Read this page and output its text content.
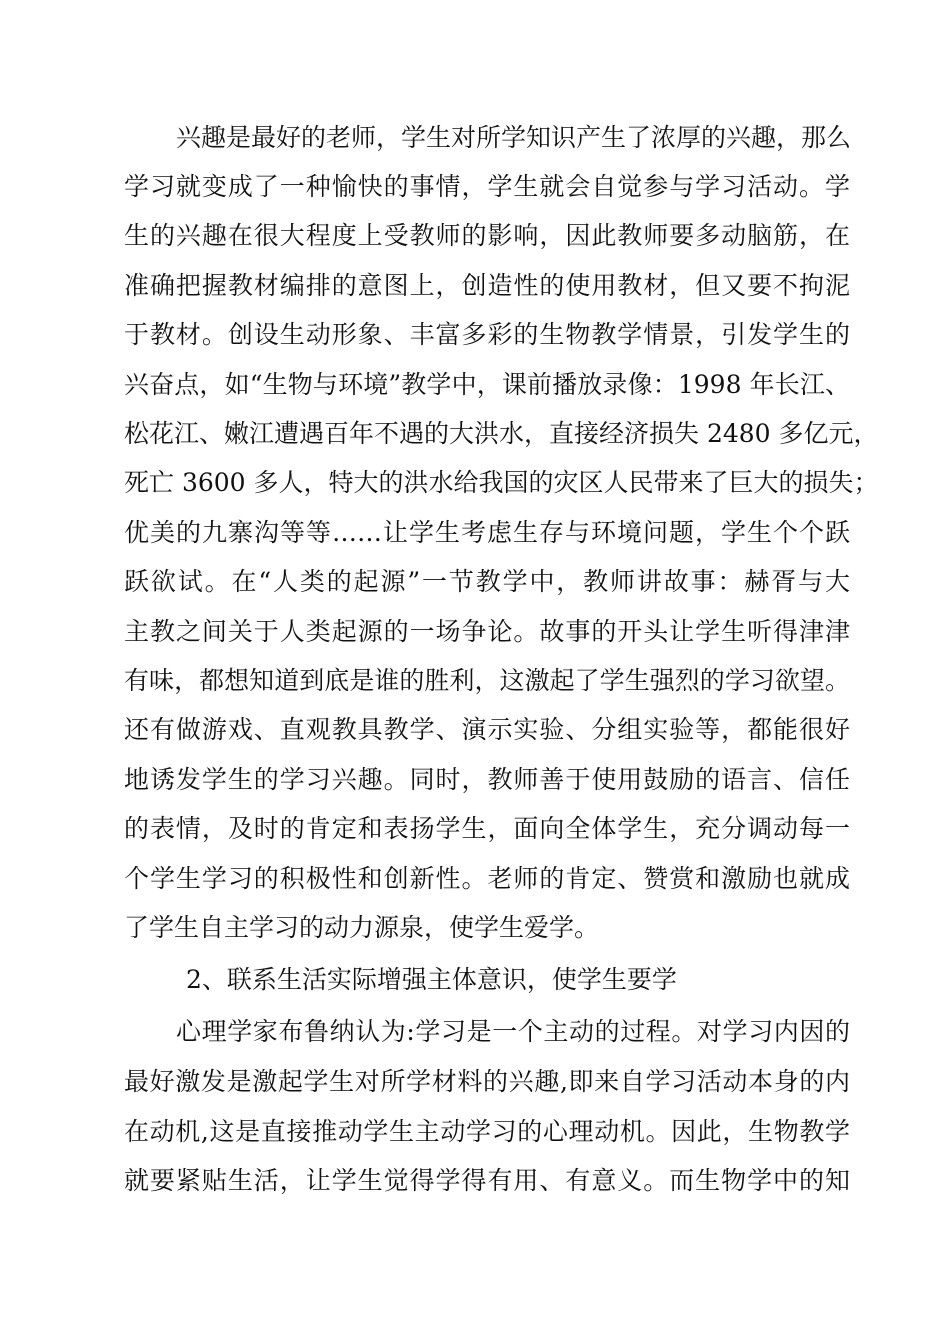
兴趣是最好的老师，学生对所学知识产生了浓厚的兴趣，那么
学习就变成了一种愉快的事情，学生就会自觉参与学习活动。学
生的兴趣在很大程度上受教师的影响，因此教师要多动脑筋，在
准确把握教材编排的意图上，创造性的使用教材，但又要不拘泥
于教材。创设生动形象、丰富多彩的生物教学情景，引发学生的
兴奋点，如“生物与环境”教学中，课前播放录像：1998 年长江、
松花江、嫩江遭遇百年不遇的大洪水，直接经济损失 2480 多亿元，
死亡 3600 多人，特大的洪水给我国的灾区人民带来了巨大的损失；
优美的九寨沟等等……让学生考虑生存与环境问题，学生个个跃
跃欲试。在“人类的起源”一节教学中，教师讲故事：赫胥与大
主教之间关于人类起源的一场争论。故事的开头让学生听得津津
有味，都想知道到底是谁的胜利，这激起了学生强烈的学习欲望。
还有做游戏、直观教具教学、演示实验、分组实验等，都能很好
地诱发学生的学习兴趣。同时，教师善于使用鼓励的语言、信任
的表情，及时的肯定和表扬学生，面向全体学生，充分调动每一
个学生学习的积极性和创新性。老师的肯定、赞赏和激励也就成
了学生自主学习的动力源泉，使学生爱学。
2、联系生活实际增强主体意识，使学生要学
心理学家布鲁纳认为:学习是一个主动的过程。对学习内因的
最好激发是激起学生对所学材料的兴趣,即来自学习活动本身的内
在动机,这是直接推动学生主动学习的心理动机。因此，生物教学
就要紧贴生活，让学生觉得学得有用、有意义。而生物学中的知
